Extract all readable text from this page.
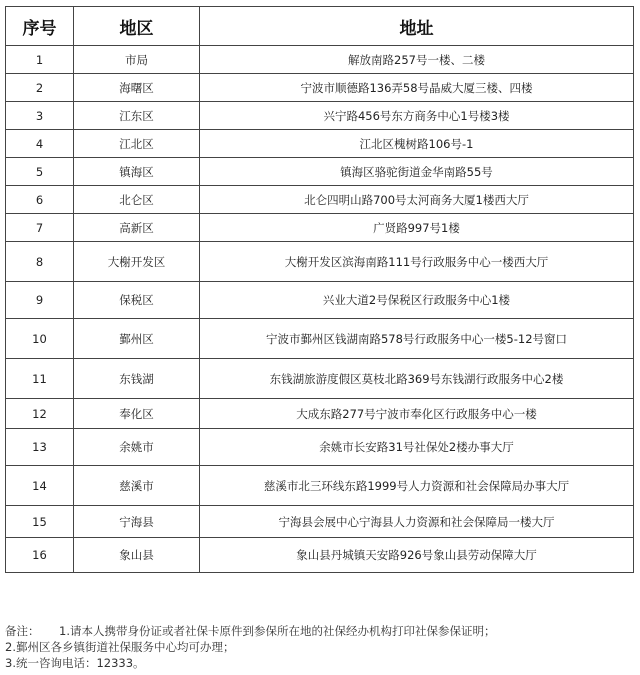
序号	地区	地址
1	市局	解放南路257号一楼、二楼
2	海曙区	宁波市顺德路136弄58号晶威大厦三楼、四楼
3	江东区	兴宁路456号东方商务中心1号楼3楼
4	江北区	江北区槐树路106号-1
5	镇海区	镇海区骆驼街道金华南路55号
6	北仑区	北仑四明山路700号太河商务大厦1楼西大厅
7	高新区	广贤路997号1楼
8	大榭开发区	大榭开发区滨海南路111号行政服务中心一楼西大厅
9	保税区	兴业大道2号保税区行政服务中心1楼
10	鄞州区	宁波市鄞州区钱湖南路578号行政服务中心一楼5-12号窗口
11	东钱湖	东钱湖旅游度假区莫枝北路369号东钱湖行政服务中心2楼
12	奉化区	大成东路277号宁波市奉化区行政服务中心一楼
13	余姚市	余姚市长安路31号社保处2楼办事大厅
14	慈溪市	慈溪市北三环线东路1999号人力资源和社会保障局办事大厅
15	宁海县	宁海县会展中心宁海县人力资源和社会保障局一楼大厅
16	象山县	象山县丹城镇天安路926号象山县劳动保障大厅
备注： 1.请本人携带身份证或者社保卡原件到参保所在地的社保经办机构打印社保参保证明；
2.鄞州区各乡镇街道社保服务中心均可办理；
3.统一咨询电话：12333。
